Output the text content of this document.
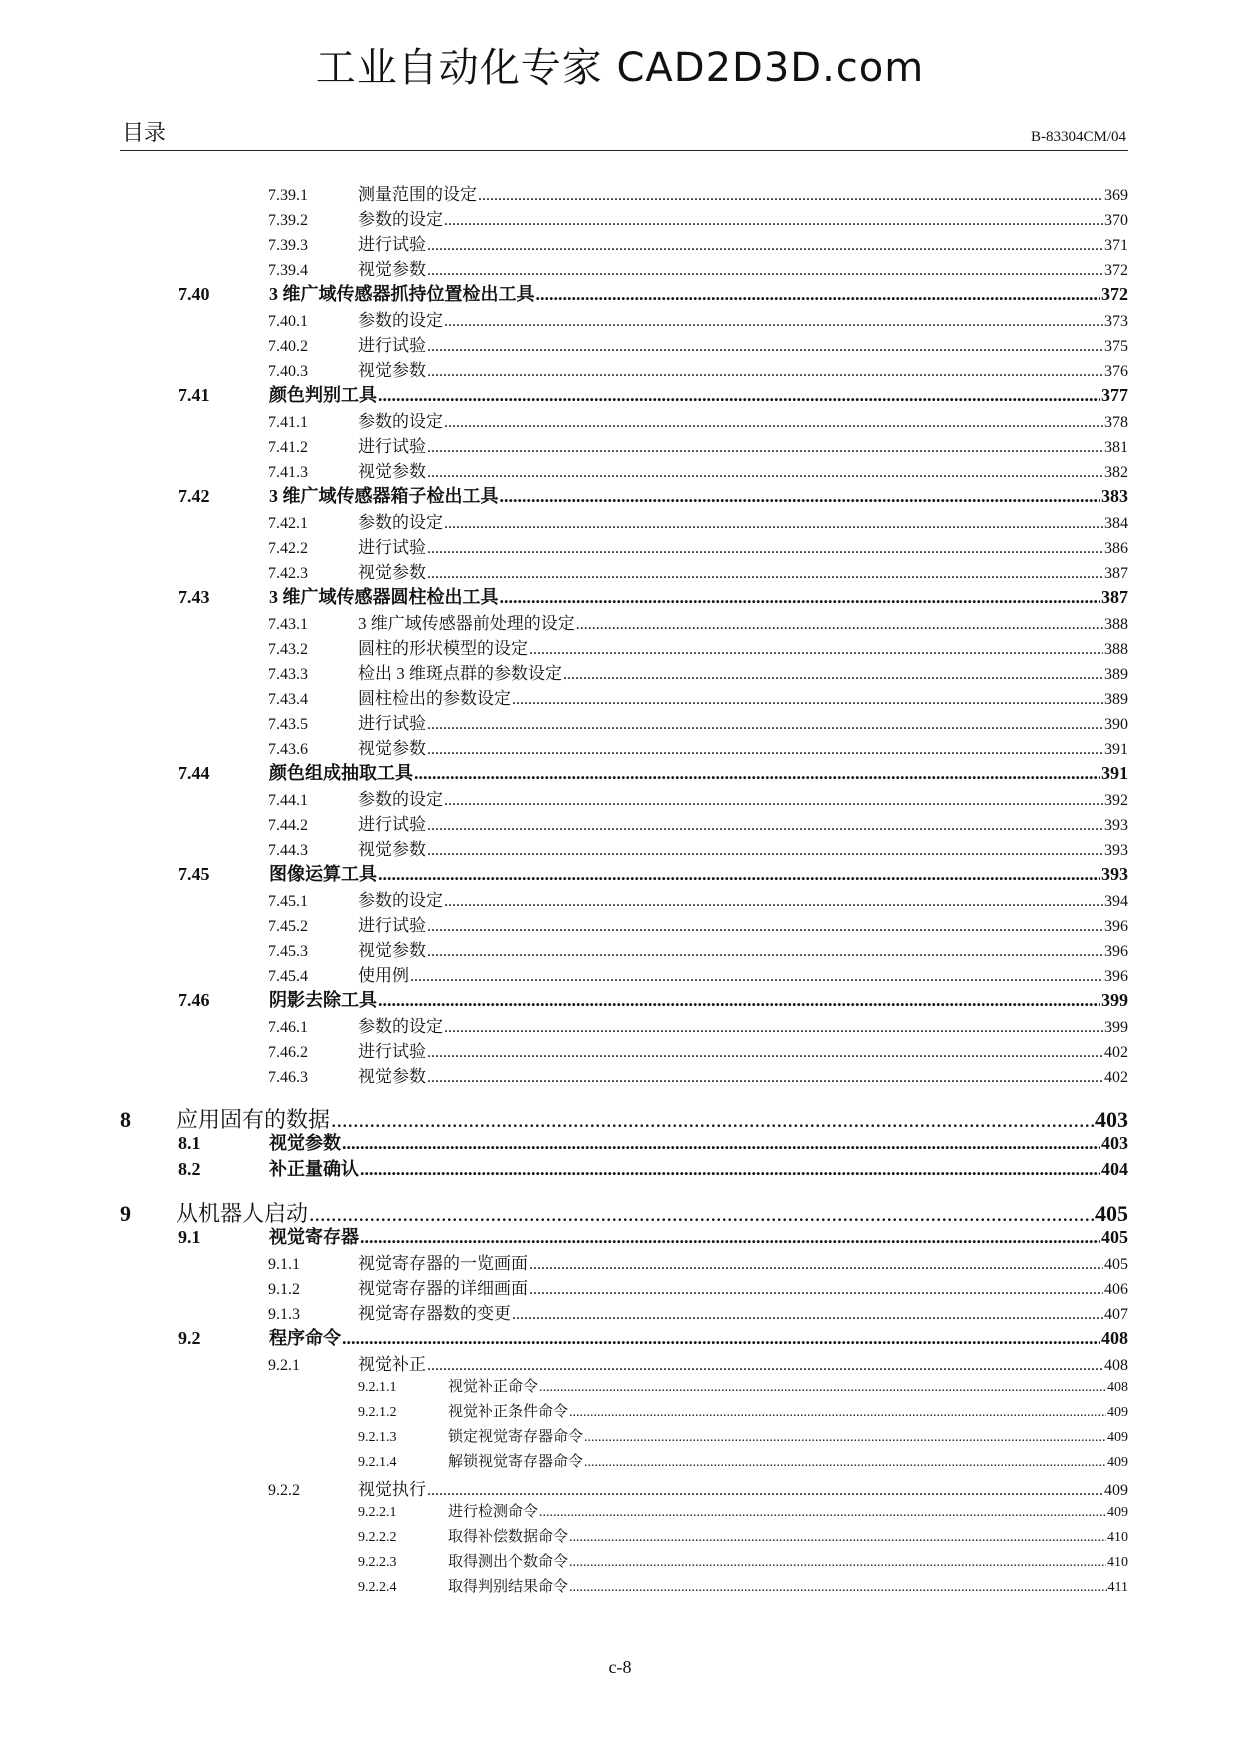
工业自动化专家 CAD2D3D.com
目录	B-83304CM/04
7.39.1	测量范围的设定 .....	369
7.39.2	参数的设定 .....	370
7.39.3	进行试验 .....	371
7.39.4	视觉参数 .....	372
7.40	3 维广域传感器抓持位置检出工具 .....	372
7.40.1	参数的设定 .....	373
7.40.2	进行试验 .....	375
7.40.3	视觉参数 .....	376
7.41	颜色判别工具 .....	377
7.41.1	参数的设定 .....	378
7.41.2	进行试验 .....	381
7.41.3	视觉参数 .....	382
7.42	3 维广域传感器箱子检出工具 .....	383
7.42.1	参数的设定 .....	384
7.42.2	进行试验 .....	386
7.42.3	视觉参数 .....	387
7.43	3 维广域传感器圆柱检出工具 .....	387
7.43.1	3 维广域传感器前处理的设定 .....	388
7.43.2	圆柱的形状模型的设定 .....	388
7.43.3	检出 3 维斑点群的参数设定 .....	389
7.43.4	圆柱检出的参数设定 .....	389
7.43.5	进行试验 .....	390
7.43.6	视觉参数 .....	391
7.44	颜色组成抽取工具 .....	391
7.44.1	参数的设定 .....	392
7.44.2	进行试验 .....	393
7.44.3	视觉参数 .....	393
7.45	图像运算工具 .....	393
7.45.1	参数的设定 .....	394
7.45.2	进行试验 .....	396
7.45.3	视觉参数 .....	396
7.45.4	使用例 .....	396
7.46	阴影去除工具 .....	399
7.46.1	参数的设定 .....	399
7.46.2	进行试验 .....	402
7.46.3	视觉参数 .....	402
8	应用固有的数据 .....	403
8.1	视觉参数 .....	403
8.2	补正量确认 .....	404
9	从机器人启动 .....	405
9.1	视觉寄存器 .....	405
9.1.1	视觉寄存器的一览画面 .....	405
9.1.2	视觉寄存器的详细画面 .....	406
9.1.3	视觉寄存器数的变更 .....	407
9.2	程序命令 .....	408
9.2.1	视觉补正 .....	408
9.2.1.1	视觉补正命令 .....	408
9.2.1.2	视觉补正条件命令 .....	409
9.2.1.3	锁定视觉寄存器命令 .....	409
9.2.1.4	解锁视觉寄存器命令 .....	409
9.2.2	视觉执行 .....	409
9.2.2.1	进行检测命令 .....	409
9.2.2.2	取得补偿数据命令 .....	410
9.2.2.3	取得测出个数命令 .....	410
9.2.2.4	取得判别结果命令 .....	411
c-8
